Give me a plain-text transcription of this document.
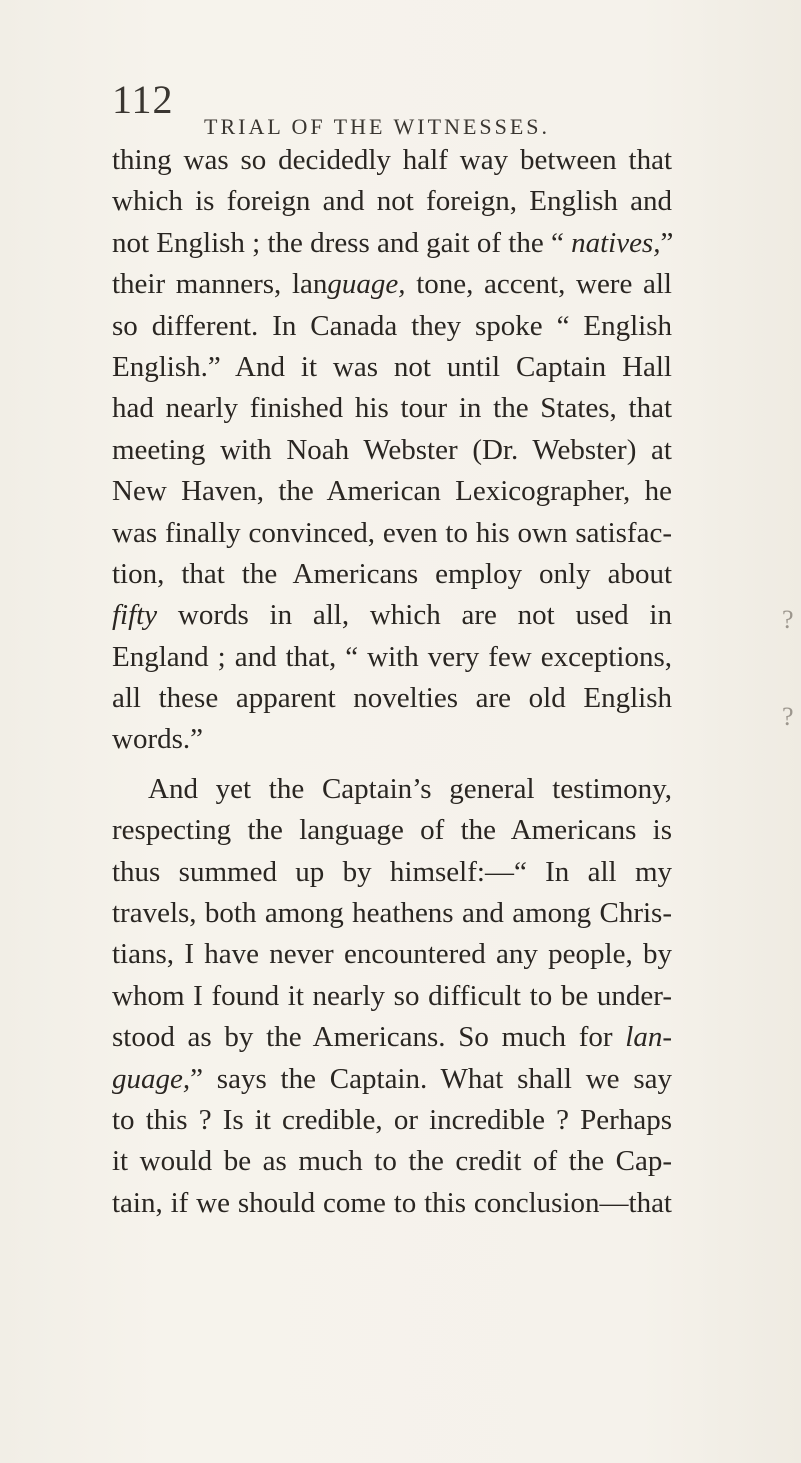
112
TRIAL OF THE WITNESSES.
thing was so decidedly half way between that
which is foreign and not foreign, English and
not English ; the dress and gait of the “ natives,”
their manners, language, tone, accent, were all
so different. In Canada they spoke “ English
English.” And it was not until Captain Hall
had nearly finished his tour in the States, that
meeting with Noah Webster (Dr. Webster) at
New Haven, the American Lexicographer, he
was finally convinced, even to his own satisfac-
tion, that the Americans employ only about
fifty words in all, which are not used in
England ; and that, “ with very few exceptions,
all these apparent novelties are old English
words.”
And yet the Captain’s general testimony,
respecting the language of the Americans is
thus summed up by himself:—“ In all my
travels, both among heathens and among Chris-
tians, I have never encountered any people, by
whom I found it nearly so difficult to be under-
stood as by the Americans. So much for lan-
guage,” says the Captain. What shall we say
to this ? Is it credible, or incredible ? Perhaps
it would be as much to the credit of the Cap-
tain, if we should come to this conclusion—that
?
?
